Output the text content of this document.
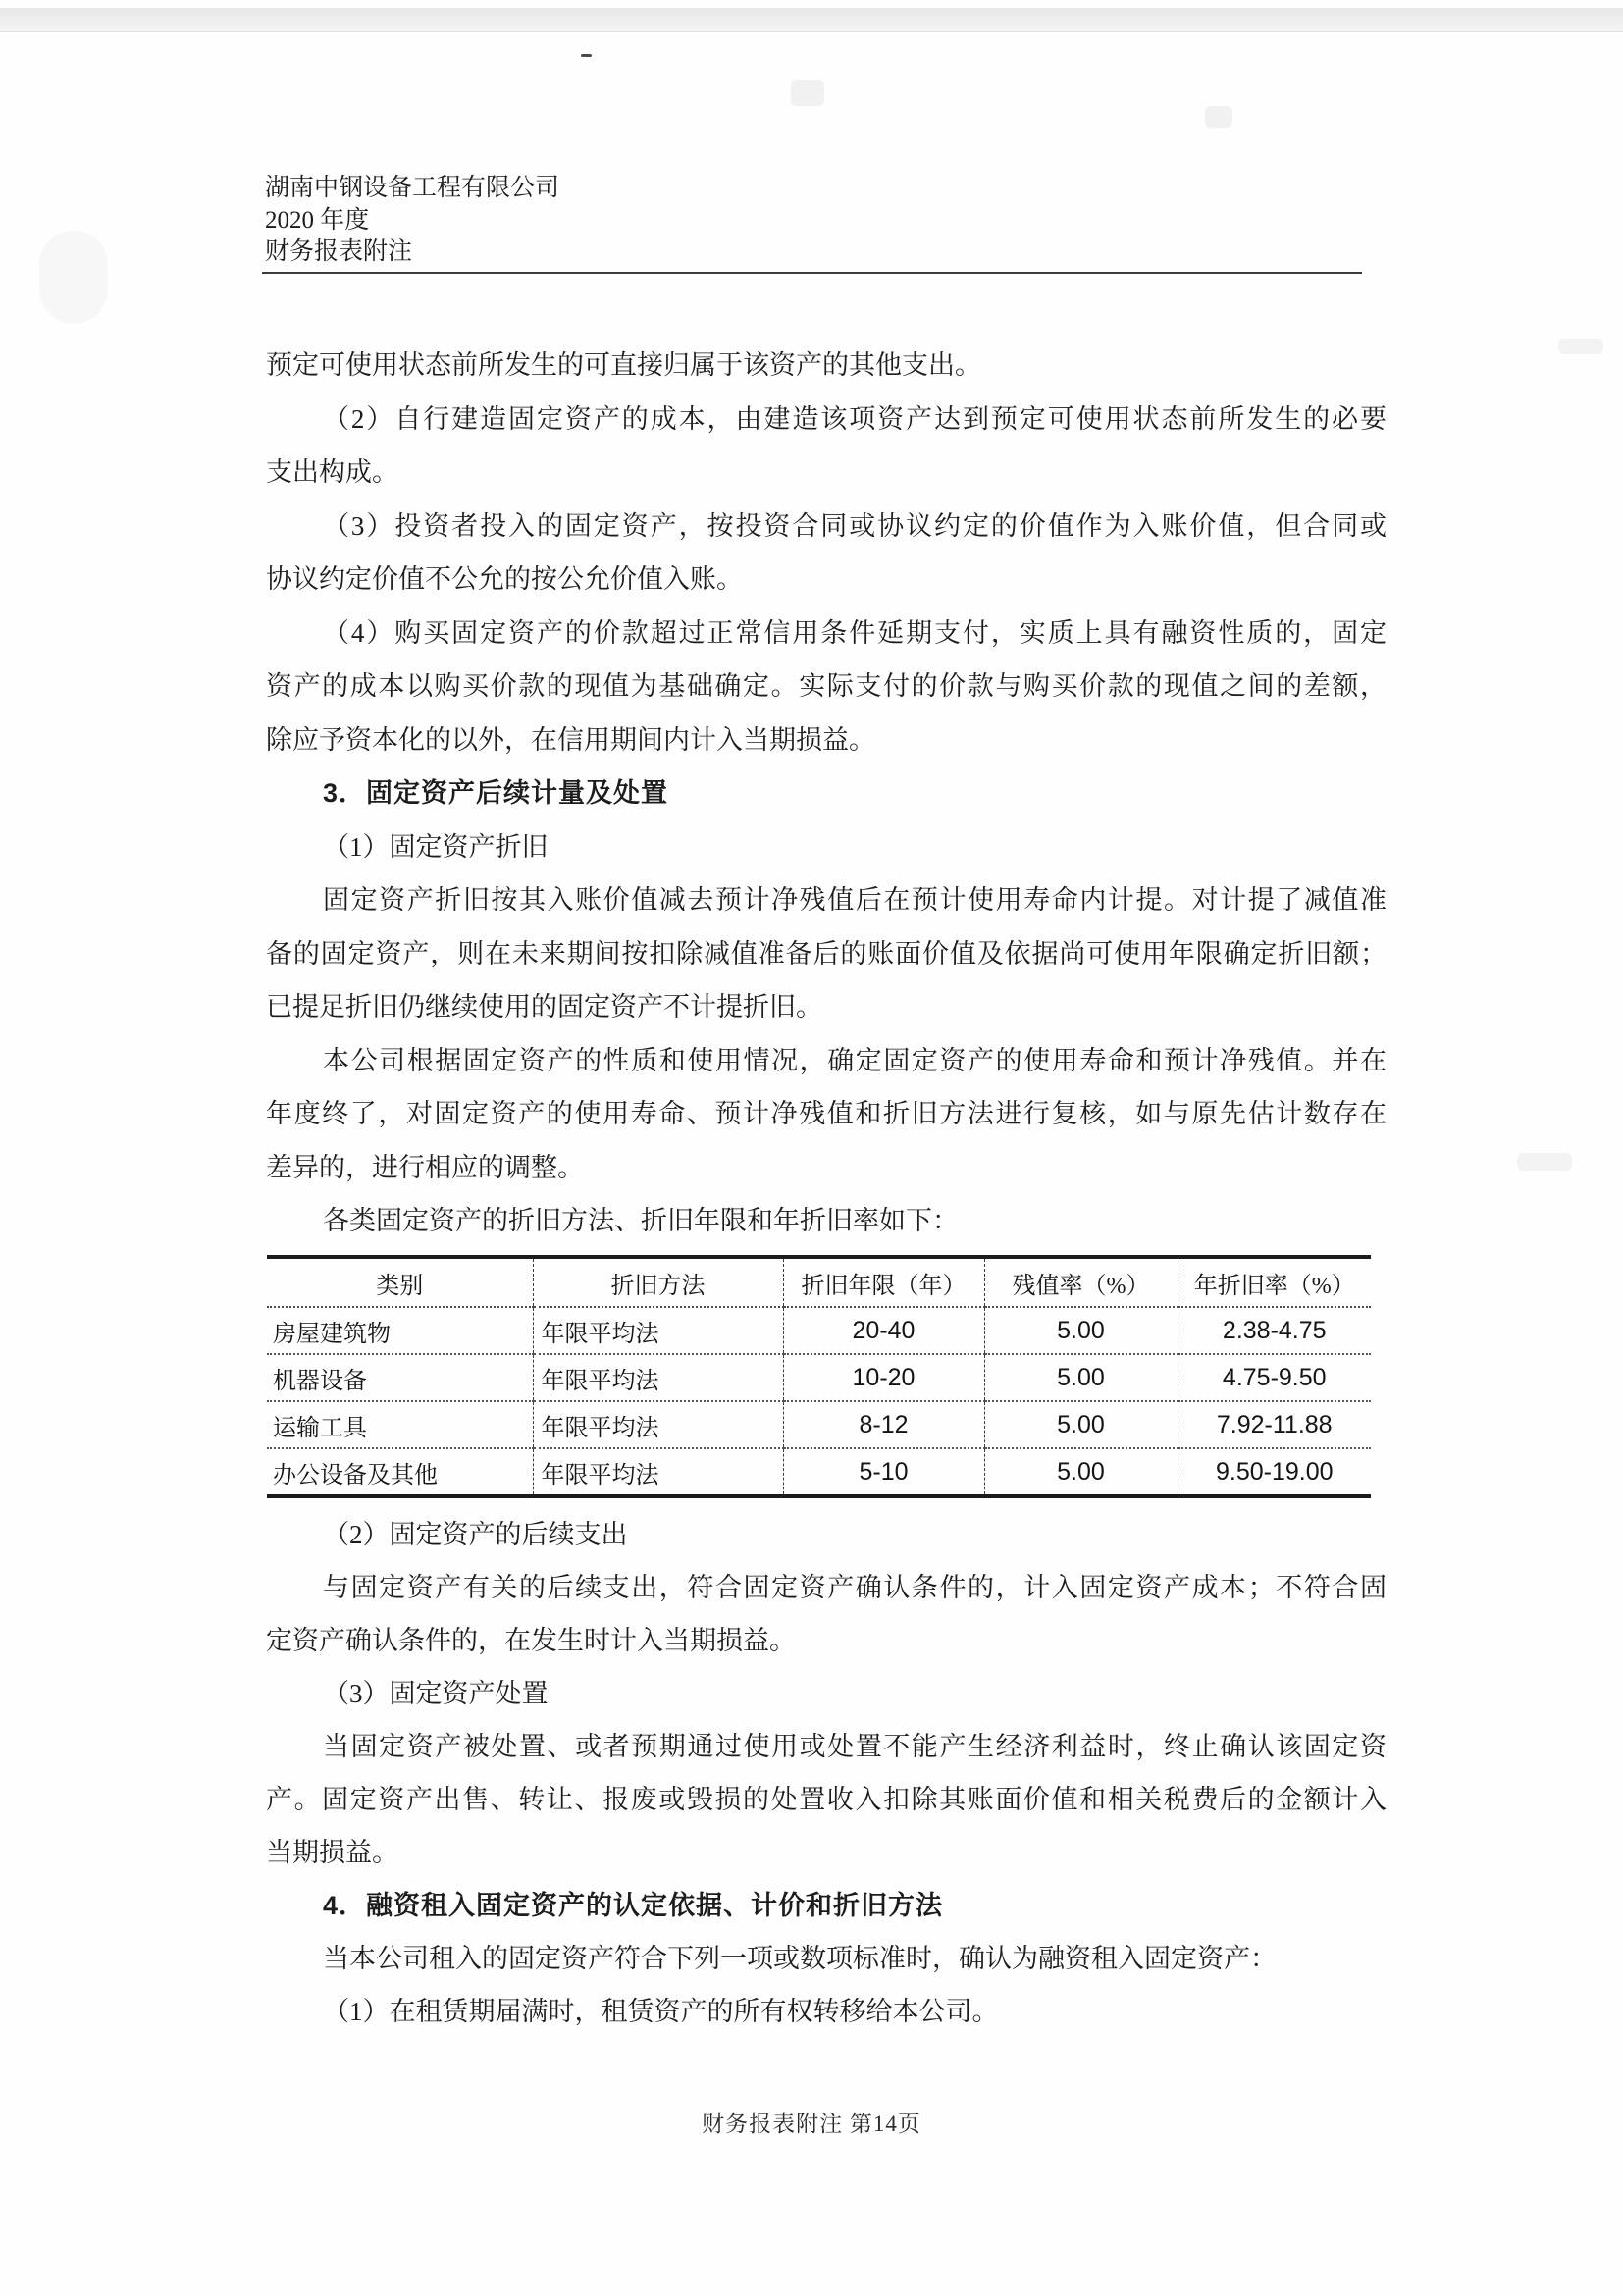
湖南中钢设备工程有限公司
2020 年度
财务报表附注
预定可使用状态前所发生的可直接归属于该资产的其他支出。
（2）自行建造固定资产的成本，由建造该项资产达到预定可使用状态前所发生的必要
支出构成。
（3）投资者投入的固定资产，按投资合同或协议约定的价值作为入账价值，但合同或
协议约定价值不公允的按公允价值入账。
（4）购买固定资产的价款超过正常信用条件延期支付，实质上具有融资性质的，固定
资产的成本以购买价款的现值为基础确定。实际支付的价款与购买价款的现值之间的差额，
除应予资本化的以外，在信用期间内计入当期损益。
3．固定资产后续计量及处置
（1）固定资产折旧
固定资产折旧按其入账价值减去预计净残值后在预计使用寿命内计提。对计提了减值准
备的固定资产，则在未来期间按扣除减值准备后的账面价值及依据尚可使用年限确定折旧额；
已提足折旧仍继续使用的固定资产不计提折旧。
本公司根据固定资产的性质和使用情况，确定固定资产的使用寿命和预计净残值。并在
年度终了，对固定资产的使用寿命、预计净残值和折旧方法进行复核，如与原先估计数存在
差异的，进行相应的调整。
各类固定资产的折旧方法、折旧年限和年折旧率如下：
类别	折旧方法	折旧年限（年）	残值率（%）	年折旧率（%）
房屋建筑物	年限平均法	20-40	5.00	2.38-4.75
机器设备	年限平均法	10-20	5.00	4.75-9.50
运输工具	年限平均法	8-12	5.00	7.92-11.88
办公设备及其他	年限平均法	5-10	5.00	9.50-19.00
（2）固定资产的后续支出
与固定资产有关的后续支出，符合固定资产确认条件的，计入固定资产成本；不符合固
定资产确认条件的，在发生时计入当期损益。
（3）固定资产处置
当固定资产被处置、或者预期通过使用或处置不能产生经济利益时，终止确认该固定资
产。固定资产出售、转让、报废或毁损的处置收入扣除其账面价值和相关税费后的金额计入
当期损益。
4．融资租入固定资产的认定依据、计价和折旧方法
当本公司租入的固定资产符合下列一项或数项标准时，确认为融资租入固定资产：
（1）在租赁期届满时，租赁资产的所有权转移给本公司。
财务报表附注 第14页
